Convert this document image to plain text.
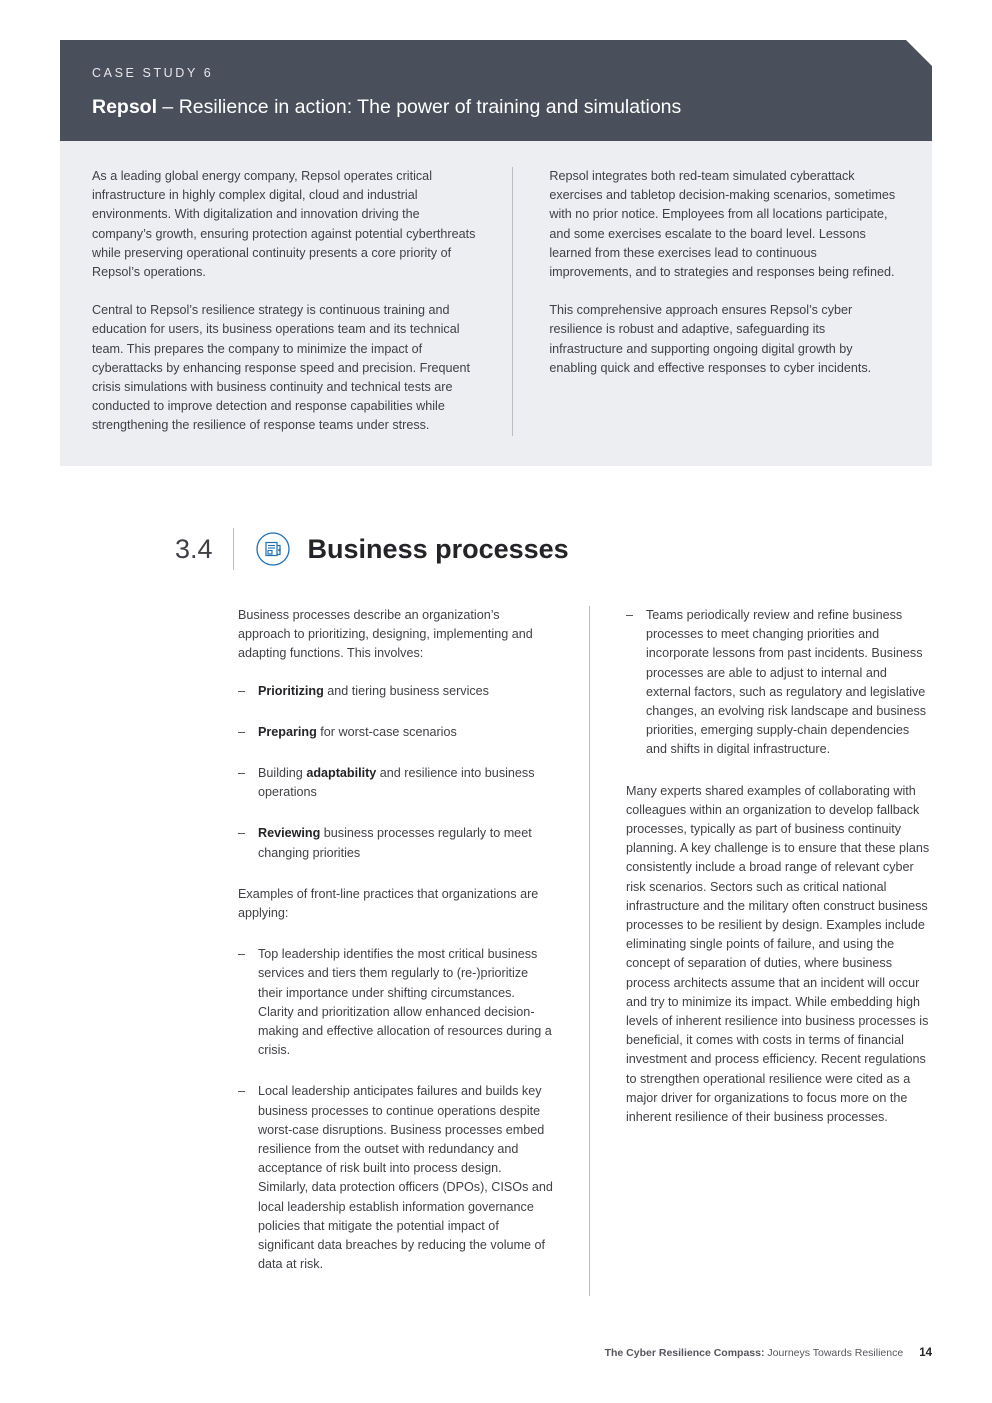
CASE STUDY 6
Repsol – Resilience in action: The power of training and simulations

As a leading global energy company, Repsol operates critical infrastructure in highly complex digital, cloud and industrial environments. With digitalization and innovation driving the company’s growth, ensuring protection against potential cyberthreats while preserving operational continuity presents a core priority of Repsol’s operations.

Central to Repsol’s resilience strategy is continuous training and education for users, its business operations team and its technical team. This prepares the company to minimize the impact of cyberattacks by enhancing response speed and precision. Frequent crisis simulations with business continuity and technical tests are conducted to improve detection and response capabilities while strengthening the resilience of response teams under stress.

Repsol integrates both red-team simulated cyberattack exercises and tabletop decision-making scenarios, sometimes with no prior notice. Employees from all locations participate, and some exercises escalate to the board level. Lessons learned from these exercises lead to continuous improvements, and to strategies and responses being refined.

This comprehensive approach ensures Repsol’s cyber resilience is robust and adaptive, safeguarding its infrastructure and supporting ongoing digital growth by enabling quick and effective responses to cyber incidents.

3.4	Business processes

Business processes describe an organization’s approach to prioritizing, designing, implementing and adapting functions. This involves:

–	Prioritizing and tiering business services
–	Preparing for worst-case scenarios
–	Building adaptability and resilience into business operations
–	Reviewing business processes regularly to meet changing priorities

Examples of front-line practices that organizations are applying:

–	Top leadership identifies the most critical business services and tiers them regularly to (re-)prioritize their importance under shifting circumstances. Clarity and prioritization allow enhanced decision-making and effective allocation of resources during a crisis.
–	Local leadership anticipates failures and builds key business processes to continue operations despite worst-case disruptions. Business processes embed resilience from the outset with redundancy and acceptance of risk built into process design. Similarly, data protection officers (DPOs), CISOs and local leadership establish information governance policies that mitigate the potential impact of significant data breaches by reducing the volume of data at risk.
–	Teams periodically review and refine business processes to meet changing priorities and incorporate lessons from past incidents. Business processes are able to adjust to internal and external factors, such as regulatory and legislative changes, an evolving risk landscape and business priorities, emerging supply-chain dependencies and shifts in digital infrastructure.

Many experts shared examples of collaborating with colleagues within an organization to develop fallback processes, typically as part of business continuity planning. A key challenge is to ensure that these plans consistently include a broad range of relevant cyber risk scenarios. Sectors such as critical national infrastructure and the military often construct business processes to be resilient by design. Examples include eliminating single points of failure, and using the concept of separation of duties, where business process architects assume that an incident will occur and try to minimize its impact. While embedding high levels of inherent resilience into business processes is beneficial, it comes with costs in terms of financial investment and process efficiency. Recent regulations to strengthen operational resilience were cited as a major driver for organizations to focus more on the inherent resilience of their business processes.

The Cyber Resilience Compass: Journeys Towards Resilience 14
